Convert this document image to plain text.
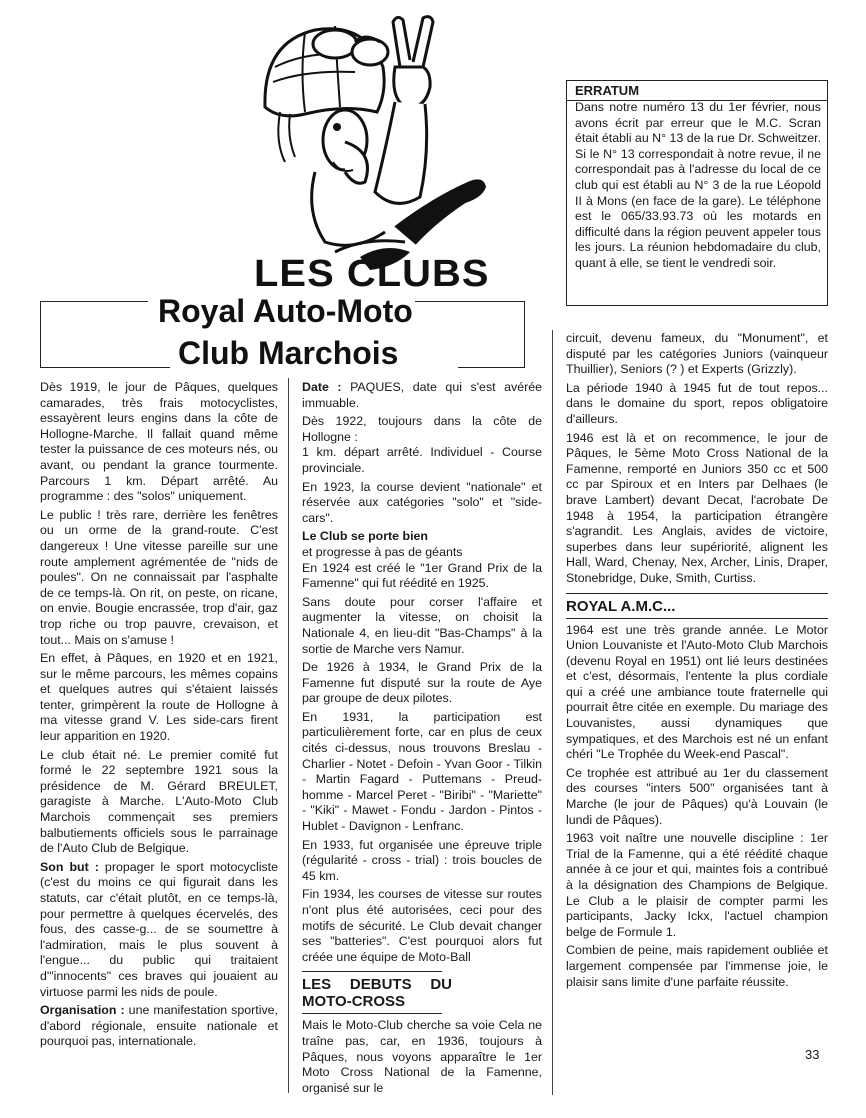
LES CLUBS
Royal Auto-Moto
Club Marchois
ERRATUM
Dans notre numéro 13 du 1er février, nous avons écrit par erreur que le M.C. Scran était établi au N° 13 de la rue Dr. Schweitzer. Si le N° 13 correspondait à notre revue, il ne correspondait pas à l'adresse du local de ce club qui est établi au N° 3 de la rue Léopold II à Mons (en face de la gare). Le téléphone est le 065/33.93.73 où les motards en difficulté dans la région peuvent appeler tous les jours. La réunion hebdomadaire du club, quant à elle, se tient le vendredi soir.

Dès 1919, le jour de Pâques, quelques camarades, très frais motocyclistes, essayèrent leurs engins dans la côte de Hollogne-Marche. Il fallait quand même tester la puissance de ces moteurs nés, ou avant, ou pendant la grance tourmente. Parcours 1 km. Départ arrêté. Au programme : des "solos" uniquement.

Le public ! très rare, derrière les fenêtres ou un orme de la grand-route. C'est dangereux ! Une vitesse pareille sur une route amplement agrémentée de "nids de poules". On ne connaissait par l'asphalte de ce temps-là. On rit, on peste, on ricane, on envie. Bougie encrassée, trop d'air, gaz trop riche ou trop pauvre, crevaison, et tout... Mais on s'amuse !

En effet, à Pâques, en 1920 et en 1921, sur le même parcours, les mêmes copains et quelques autres qui s'étaient laissés tenter, grimpèrent la route de Hollogne à ma vitesse grand V. Les side-cars firent leur apparition en 1920.

Le club était né. Le premier comité fut formé le 22 septembre 1921 sous la présidence de M. Gérard BREULET, garagiste à Marche. L'Auto-Moto Club Marchois commençait ses premiers balbutiements officiels sous le parrainage de l'Auto Club de Belgique.

Son but : propager le sport motocycliste (c'est du moins ce qui figurait dans les statuts, car c'était plutôt, en ce temps-là, pour permettre à quelques écervelés, des fous, des casse-g... de se soumettre à l'admiration, mais le plus souvent à l'engue... du public qui traitaient d'"innocents" ces braves qui jouaient au virtuose parmi les nids de poule.

Organisation : une manifestation sportive, d'abord régionale, ensuite nationale et pourquoi pas, internationale.

Date : PAQUES, date qui s'est avérée immuable.

Dès 1922, toujours dans la côte de Hollogne :

1 km. départ arrêté. Individuel - Course provinciale.

En 1923, la course devient "nationale" et réservée aux catégories "solo" et "side-cars".

Le Club se porte bien

et progresse à pas de géants

En 1924 est créé le "1er Grand Prix de la Famenne" qui fut réédité en 1925.

Sans doute pour corser l'affaire et augmenter la vitesse, on choisit la Nationale 4, en lieu-dit "Bas-Champs" à la sortie de Marche vers Namur.

De 1926 à 1934, le Grand Prix de la Famenne fut disputé sur la route de Aye par groupe de deux pilotes.

En 1931, la participation est particulièrement forte, car en plus de ceux cités ci-dessus, nous trouvons Breslau - Charlier - Notet - Defoin - Yvan Goor - Tilkin - Martin Fagard - Puttemans - Preud-homme - Marcel Peret - "Biribi" - "Mariette" - "Kiki" - Mawet - Fondu - Jardon - Pintos - Hublet - Davignon - Lenfranc.

En 1933, fut organisée une épreuve triple (régularité - cross - trial) : trois boucles de 45 km.

Fin 1934, les courses de vitesse sur routes n'ont plus été autorisées, ceci pour des motifs de sécurité. Le Club devait changer ses "batteries". C'est pourquoi alors fut créée une équipe de Moto-Ball

LES DEBUTS DU MOTO-CROSS

Mais le Moto-Club cherche sa voie Cela ne traîne pas, car, en 1936, toujours à Pâques, nous voyons apparaître le 1er Moto Cross National de la Famenne, organisé sur le

circuit, devenu fameux, du "Monument", et disputé par les catégories Juniors (vainqueur Thuillier), Seniors (? ) et Experts (Grizzly).

La période 1940 à 1945 fut de tout repos... dans le domaine du sport, repos obligatoire d'ailleurs.

1946 est là et on recommence, le jour de Pâques, le 5ème Moto Cross National de la Famenne, remporté en Juniors 350 cc et 500 cc par Spiroux et en Inters par Delhaes (le brave Lambert) devant Decat, l'acrobate De 1948 à 1954, la participation étrangère s'agrandit. Les Anglais, avides de victoire, superbes dans leur supériorité, alignent les Hall, Ward, Chenay, Nex, Archer, Linis, Draper, Stonebridge, Duke, Smith, Curtiss.

ROYAL A.M.C...

1964 est une très grande année. Le Motor Union Louvaniste et l'Auto-Moto Club Marchois (devenu Royal en 1951) ont lié leurs destinées et c'est, désormais, l'entente la plus cordiale qui a créé une ambiance toute fraternelle qui pourrait être citée en exemple. Du mariage des Louvanistes, aussi dynamiques que sympatiques, et des Marchois est né un enfant chéri "Le Trophée du Week-end Pascal".

Ce trophée est attribué au 1er du classement des courses "inters 500" organisées tant à Marche (le jour de Pâques) qu'à Louvain (le lundi de Pâques).

1963 voit naître une nouvelle discipline : 1er Trial de la Famenne, qui a été réédité chaque année à ce jour et qui, maintes fois a contribué à la désignation des Champions de Belgique. Le Club a le plaisir de compter parmi les participants, Jacky Ickx, l'actuel champion belge de Formule 1.

Combien de peine, mais rapidement oubliée et largement compensée par l'immense joie, le plaisir sans limite d'une parfaite réussite.

33
